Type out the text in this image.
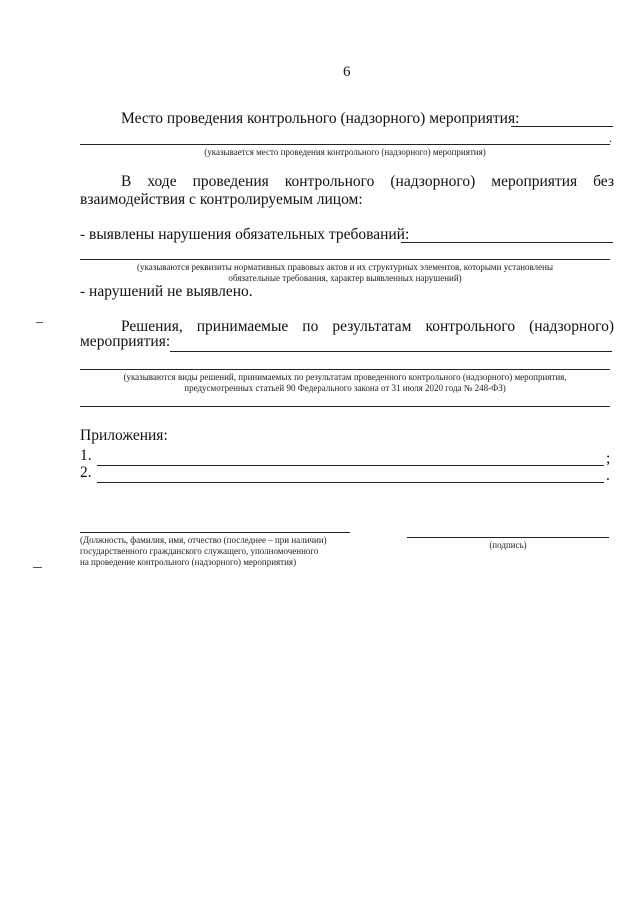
6
Место проведения контрольного (надзорного) мероприятия:
.
(указывается место проведения контрольного (надзорного) мероприятия)
В ходе проведения контрольного (надзорного) мероприятия без
взаимодействия с контролируемым лицом:
- выявлены нарушения обязательных требований:
(указываются реквизиты нормативных правовых актов и их структурных элементов, которыми установлены
обязательные требования, характер выявленных нарушений)
- нарушений не выявлено.
Решения, принимаемые по результатам контрольного (надзорного)
мероприятия:
(указываются виды решений, принимаемых по результатам проведенного контрольного (надзорного) мероприятия,
предусмотренных статьей 90 Федерального закона от 31 июля 2020 года № 248-ФЗ)
Приложения:
1.	;
2.	.
(Должность, фамилия, имя, отчество (последнее – при наличии)
государственного гражданского служащего, уполномоченного
на проведение контрольного (надзорного) мероприятия)
(подпись)
